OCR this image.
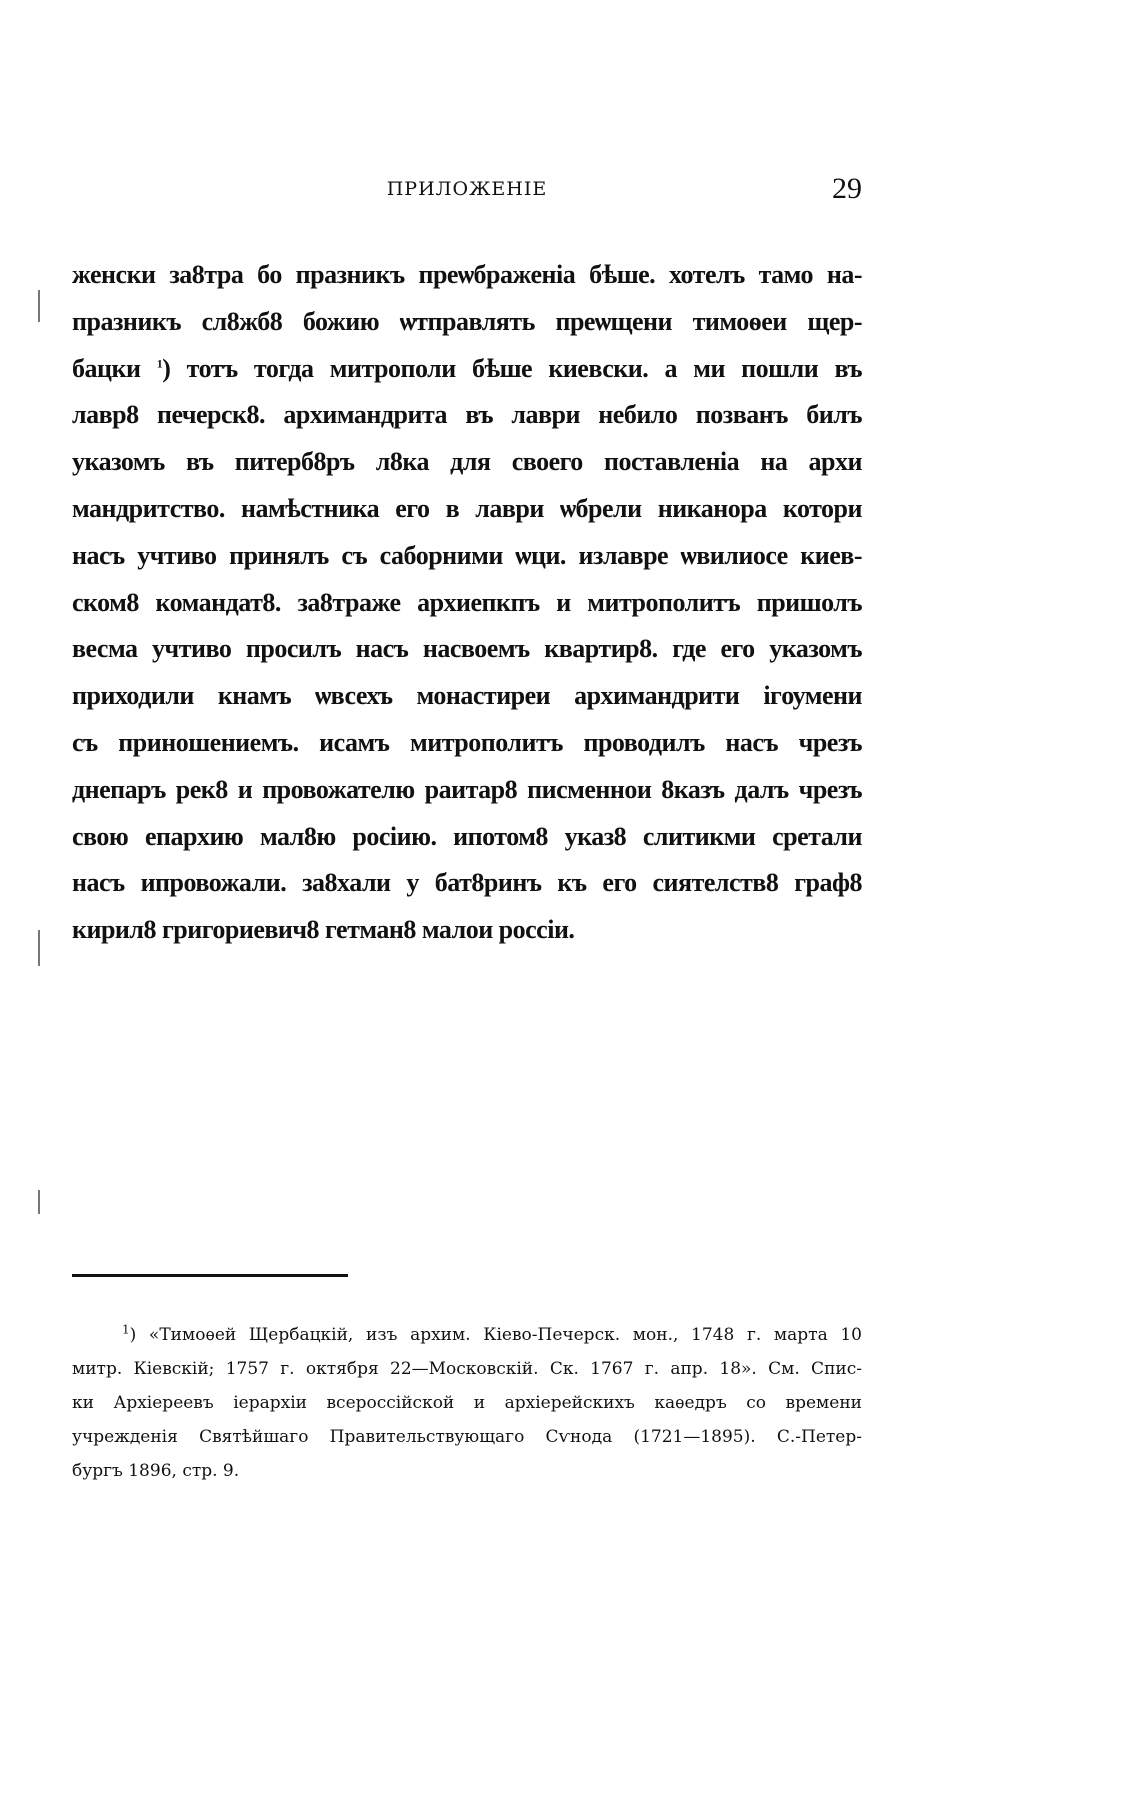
ПРИЛОЖЕНІЕ	29
женски за8тра бо празникъ преѡбраженіа бѣше. хотелъ тамо на-
празникъ сл8жб8 божию ѡтправлять преѡщени тимоѳеи щер-
бацки $^1$) тотъ тогда митрополи бѣше киевски. а ми пошли въ
лавр8 печерск8. архимандрита въ лаври небило позванъ билъ
указомъ въ питерб8ръ л8ка для своего поставленіа на архи
мандритство. намѣстника его в лаври ѡбрели никанора котори
насъ учтиво принялъ съ саборними ѡци. излавре ѡвилиосе киев-
ском8 командат8. за8траже архиепкпъ и митрополитъ пришолъ
весма учтиво просилъ насъ насвоемъ квартир8. где его указомъ
приходили кнамъ ѡвсехъ монастиреи архимандрити ігѹмени
съ приношениемъ. исамъ митрополитъ проводилъ насъ чрезъ
днепаръ рек8 и провожателю раитар8 писменнои 8казъ далъ чрезъ
свою епархию мал8ю росіию. ипотом8 указ8 слитикми сретали
насъ ипровожали. за8хали у бат8ринъ къ его сиятелств8 граф8
кирил8 григориевич8 гетман8 малои россіи.
$^1$) «Тимоѳей Щербацкій, изъ архим. Кіево-Печерск. мон., 1748 г. марта 10
митр. Кіевскій; 1757 г. октября 22—Московскій. Ск. 1767 г. апр. 18». См. Спис-
ки Архіереевъ іерархіи всероссійской и архіерейскихъ каѳедръ со времени
учрежденія Святѣйшаго Правительствующаго Сѵнода (1721—1895). С.-Петер-
бургъ 1896, стр. 9.
